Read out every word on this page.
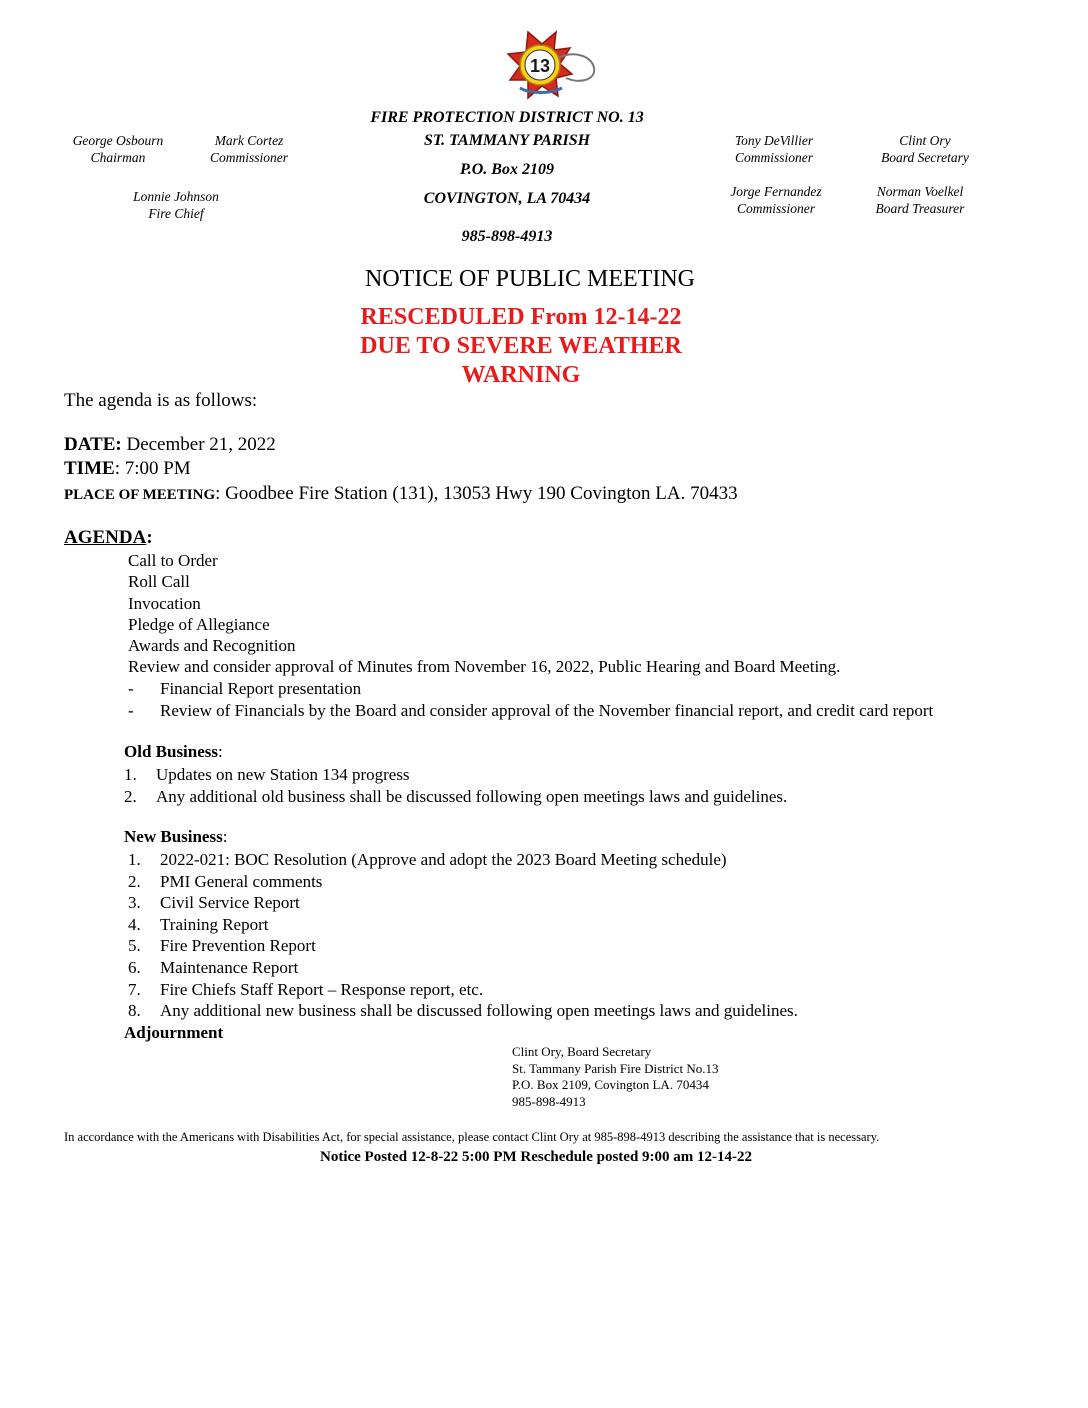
13
FIRE PROTECTION DISTRICT NO. 13
ST. TAMMANY PARISH
P.O. Box 2109
COVINGTON, LA 70434
985-898-4913
George Osbourn
Chairman
Mark Cortez
Commissioner
Lonnie Johnson
Fire Chief
Tony DeVillier
Commissioner
Clint Ory
Board Secretary
Jorge Fernandez
Commissioner
Norman Voelkel
Board Treasurer
NOTICE OF PUBLIC MEETING
RESCEDULED From 12-14-22
DUE TO SEVERE WEATHER
WARNING
The agenda is as follows:
DATE: December 21, 2022
TIME: 7:00 PM
PLACE OF MEETING: Goodbee Fire Station (131), 13053 Hwy 190 Covington LA. 70433
AGENDA:
Call to Order
Roll Call
Invocation
Pledge of Allegiance
Awards and Recognition
Review and consider approval of Minutes from November 16, 2022, Public Hearing and Board Meeting.
- Financial Report presentation
- Review of Financials by the Board and consider approval of the November financial report, and credit card report
Old Business:
1. Updates on new Station 134 progress
2. Any additional old business shall be discussed following open meetings laws and guidelines.
New Business:
1. 2022-021: BOC Resolution (Approve and adopt the 2023 Board Meeting schedule)
2. PMI General comments
3. Civil Service Report
4. Training Report
5. Fire Prevention Report
6. Maintenance Report
7. Fire Chiefs Staff Report – Response report, etc.
8. Any additional new business shall be discussed following open meetings laws and guidelines.
Adjournment
Clint Ory, Board Secretary
St. Tammany Parish Fire District No.13
P.O. Box 2109, Covington LA. 70434
985-898-4913
In accordance with the Americans with Disabilities Act, for special assistance, please contact Clint Ory at 985-898-4913 describing the assistance that is necessary.
Notice Posted 12-8-22 5:00 PM Reschedule posted 9:00 am 12-14-22
